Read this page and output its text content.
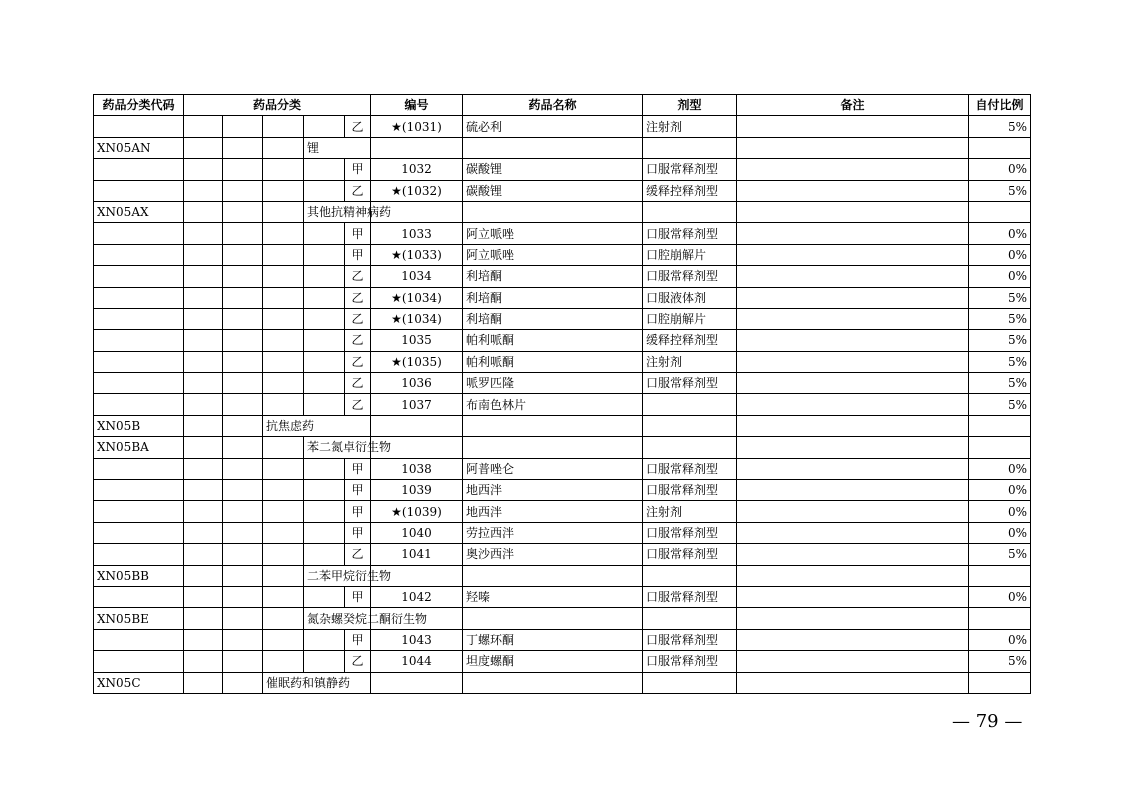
药品分类代码	药品分类					编号	药品名称	剂型	备注	自付比例
					乙	★(1031)	硫必利	注射剂		5%
XN05AN				锂						
					甲	1032	碳酸锂	口服常释剂型		0%
					乙	★(1032)	碳酸锂	缓释控释剂型		5%
XN05AX				其他抗精神病药						
					甲	1033	阿立哌唑	口服常释剂型		0%
					甲	★(1033)	阿立哌唑	口腔崩解片		0%
					乙	1034	利培酮	口服常释剂型		0%
					乙	★(1034)	利培酮	口服液体剂		5%
					乙	★(1034)	利培酮	口腔崩解片		5%
					乙	1035	帕利哌酮	缓释控释剂型		5%
					乙	★(1035)	帕利哌酮	注射剂		5%
					乙	1036	哌罗匹隆	口服常释剂型		5%
					乙	1037	布南色林片			5%
XN05B			抗焦虑药							
XN05BA				苯二氮卓衍生物						
					甲	1038	阿普唑仑	口服常释剂型		0%
					甲	1039	地西泮	口服常释剂型		0%
					甲	★(1039)	地西泮	注射剂		0%
					甲	1040	劳拉西泮	口服常释剂型		0%
					乙	1041	奥沙西泮	口服常释剂型		5%
XN05BB				二苯甲烷衍生物						
					甲	1042	羟嗪	口服常释剂型		0%
XN05BE				氮杂螺癸烷二酮衍生物						
					甲	1043	丁螺环酮	口服常释剂型		0%
					乙	1044	坦度螺酮	口服常释剂型		5%
XN05C			催眠药和镇静药							
— 79 —
